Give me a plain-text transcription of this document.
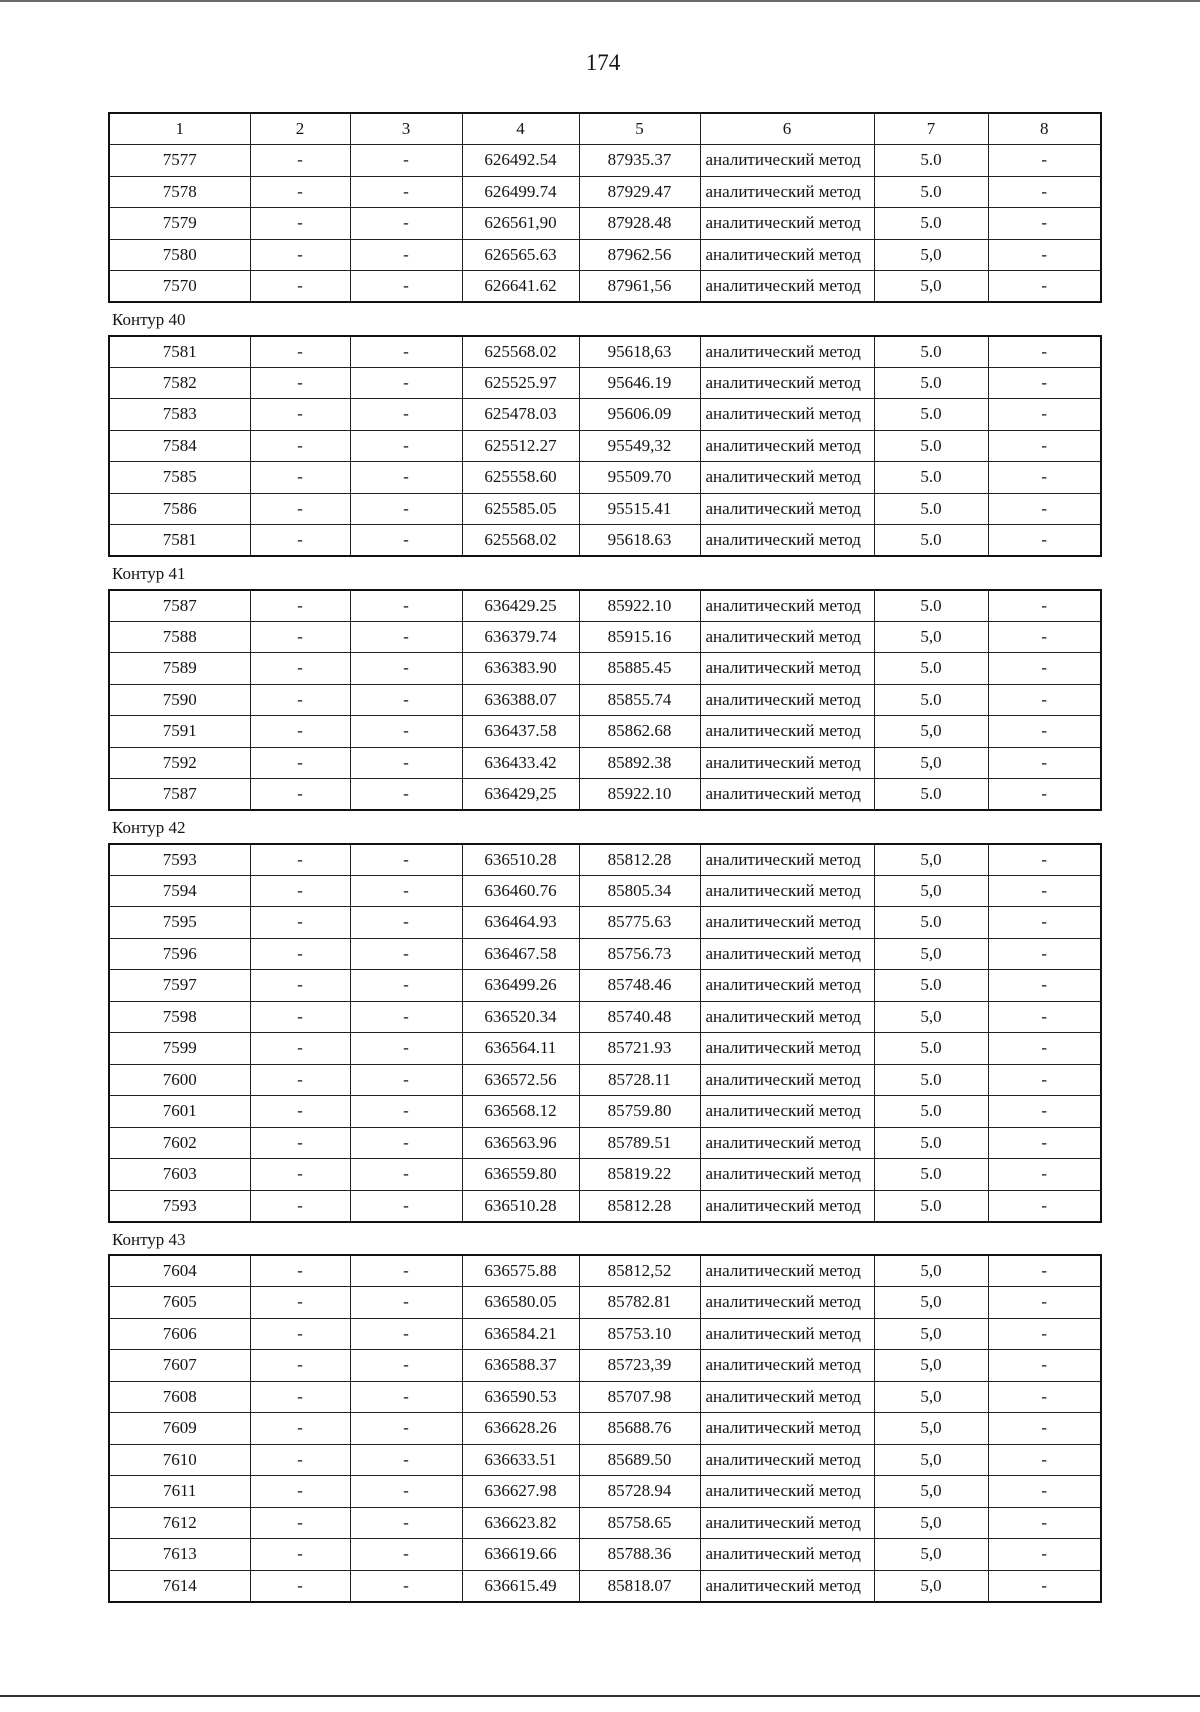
174
1	2	3	4	5	6	7	8
7577	-	-	626492.54	87935.37	аналитический метод	5.0	-
7578	-	-	626499.74	87929.47	аналитический метод	5.0	-
7579	-	-	626561,90	87928.48	аналитический метод	5.0	-
7580	-	-	626565.63	87962.56	аналитический метод	5,0	-
7570	-	-	626641.62	87961,56	аналитический метод	5,0	-
Контур 40
7581	-	-	625568.02	95618,63	аналитический метод	5.0	-
7582	-	-	625525.97	95646.19	аналитический метод	5.0	-
7583	-	-	625478.03	95606.09	аналитический метод	5.0	-
7584	-	-	625512.27	95549,32	аналитический метод	5.0	-
7585	-	-	625558.60	95509.70	аналитический метод	5.0	-
7586	-	-	625585.05	95515.41	аналитический метод	5.0	-
7581	-	-	625568.02	95618.63	аналитический метод	5.0	-
Контур 41
7587	-	-	636429.25	85922.10	аналитический метод	5.0	-
7588	-	-	636379.74	85915.16	аналитический метод	5,0	-
7589	-	-	636383.90	85885.45	аналитический метод	5.0	-
7590	-	-	636388.07	85855.74	аналитический метод	5.0	-
7591	-	-	636437.58	85862.68	аналитический метод	5,0	-
7592	-	-	636433.42	85892.38	аналитический метод	5,0	-
7587	-	-	636429,25	85922.10	аналитический метод	5.0	-
Контур 42
7593	-	-	636510.28	85812.28	аналитический метод	5,0	-
7594	-	-	636460.76	85805.34	аналитический метод	5,0	-
7595	-	-	636464.93	85775.63	аналитический метод	5.0	-
7596	-	-	636467.58	85756.73	аналитический метод	5,0	-
7597	-	-	636499.26	85748.46	аналитический метод	5.0	-
7598	-	-	636520.34	85740.48	аналитический метод	5,0	-
7599	-	-	636564.11	85721.93	аналитический метод	5.0	-
7600	-	-	636572.56	85728.11	аналитический метод	5.0	-
7601	-	-	636568.12	85759.80	аналитический метод	5.0	-
7602	-	-	636563.96	85789.51	аналитический метод	5.0	-
7603	-	-	636559.80	85819.22	аналитический метод	5.0	-
7593	-	-	636510.28	85812.28	аналитический метод	5.0	-
Контур 43
7604	-	-	636575.88	85812,52	аналитический метод	5,0	-
7605	-	-	636580.05	85782.81	аналитический метод	5,0	-
7606	-	-	636584.21	85753.10	аналитический метод	5,0	-
7607	-	-	636588.37	85723,39	аналитический метод	5,0	-
7608	-	-	636590.53	85707.98	аналитический метод	5,0	-
7609	-	-	636628.26	85688.76	аналитический метод	5,0	-
7610	-	-	636633.51	85689.50	аналитический метод	5,0	-
7611	-	-	636627.98	85728.94	аналитический метод	5,0	-
7612	-	-	636623.82	85758.65	аналитический метод	5,0	-
7613	-	-	636619.66	85788.36	аналитический метод	5,0	-
7614	-	-	636615.49	85818.07	аналитический метод	5,0	-
